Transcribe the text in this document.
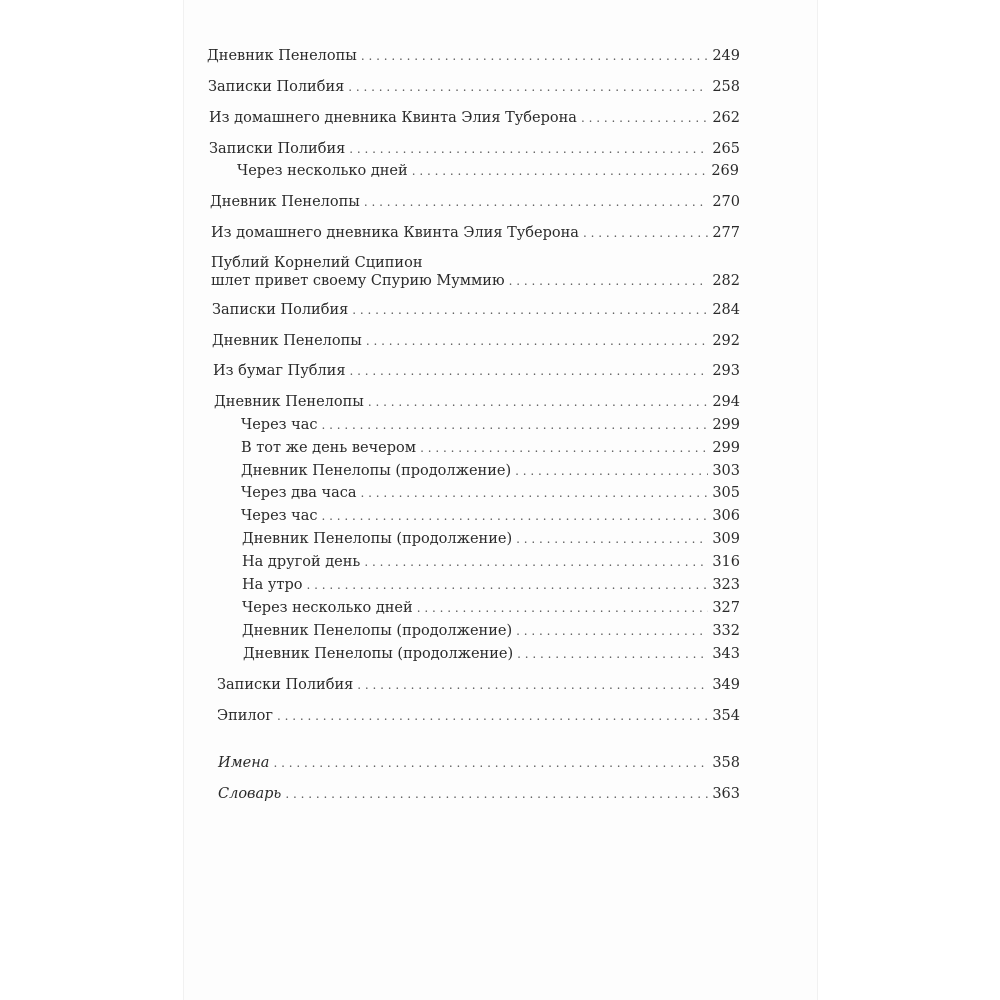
Дневник Пенелопы . . .	249
Записки Полибия . . .	258
Из домашнего дневника Квинта Элия Туберона . . .	262
Записки Полибия . . .	265
Через несколько дней . . .	269
Дневник Пенелопы . . .	270
Из домашнего дневника Квинта Элия Туберона . . .	277
Публий Корнелий Сципион
шлет привет своему Спурию Муммию . . .	282
Записки Полибия . . .	284
Дневник Пенелопы . . .	292
Из бумаг Публия . . .	293
Дневник Пенелопы . . .	294
Через час . . .	299
В тот же день вечером . . .	299
Дневник Пенелопы (продолжение) . . .	303
Через два часа . . .	305
Через час . . .	306
Дневник Пенелопы (продолжение) . . .	309
На другой день . . .	316
На утро . . .	323
Через несколько дней . . .	327
Дневник Пенелопы (продолжение) . . .	332
Дневник Пенелопы (продолжение) . . .	343
Записки Полибия . . .	349
Эпилог . . .	354
Имена . . .	358
Словарь . . .	363
